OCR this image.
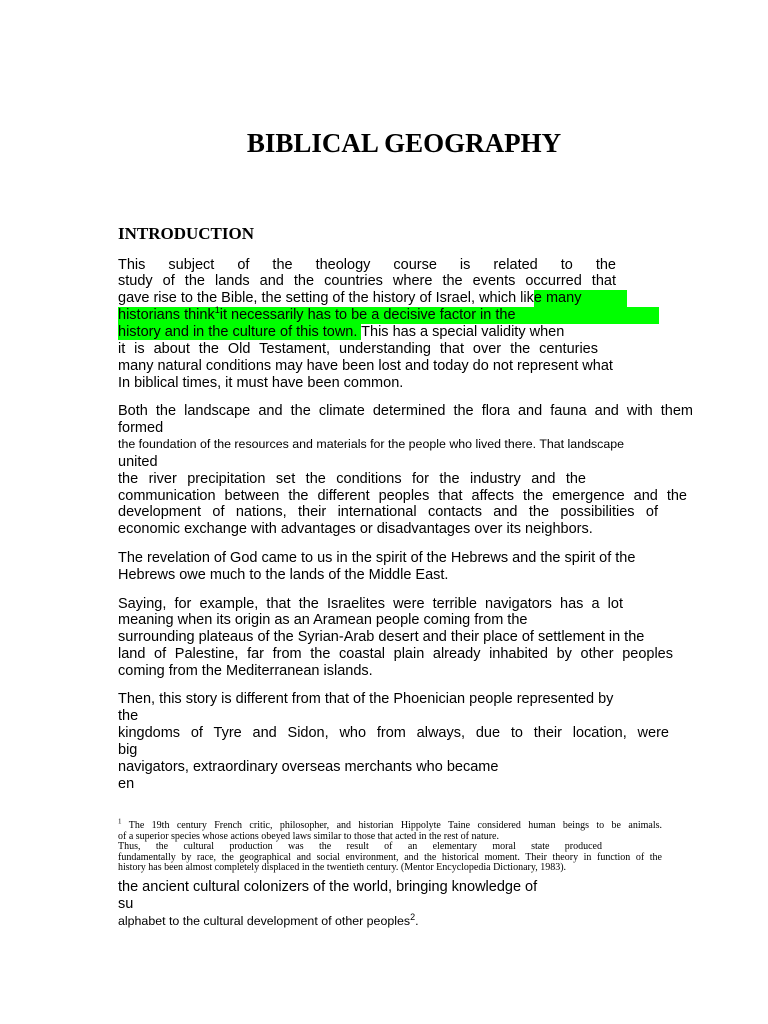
BIBLICAL GEOGRAPHY
INTRODUCTION
This subject of the theology course is related to the
study of the lands and the countries where the events occurred that
gave rise to the Bible, the setting of the history of Israel, which like many
historians think$^1$it necessarily has to be a decisive factor in the
history and in the culture of this town. This has a special validity when
it is about the Old Testament, understanding that over the centuries
many natural conditions may have been lost and today do not represent what
In biblical times, it must have been common.
Both the landscape and the climate determined the flora and fauna and with them
formed
the foundation of the resources and materials for the people who lived there. That landscape
united
the river precipitation set the conditions for the industry and the
communication between the different peoples that affects the emergence and the
development of nations, their international contacts and the possibilities of
economic exchange with advantages or disadvantages over its neighbors.
The revelation of God came to us in the spirit of the Hebrews and the spirit of the
Hebrews owe much to the lands of the Middle East.
Saying, for example, that the Israelites were terrible navigators has a lot
meaning when its origin as an Aramean people coming from the
surrounding plateaus of the Syrian-Arab desert and their place of settlement in the
land of Palestine, far from the coastal plain already inhabited by other peoples
coming from the Mediterranean islands.
Then, this story is different from that of the Phoenician people represented by
the
kingdoms of Tyre and Sidon, who from always, due to their location, were
big
navigators, extraordinary overseas merchants who became
en
$^1$ The 19th century French critic, philosopher, and historian Hippolyte Taine considered human beings to be animals.
of a superior species whose actions obeyed laws similar to those that acted in the rest of nature.
Thus, the cultural production was the result of an elementary moral state produced
fundamentally by race, the geographical and social environment, and the historical moment. Their theory in function of the
history has been almost completely displaced in the twentieth century. (Mentor Encyclopedia Dictionary, 1983).
the ancient cultural colonizers of the world, bringing knowledge of
su
alphabet to the cultural development of other peoples$^2$.
